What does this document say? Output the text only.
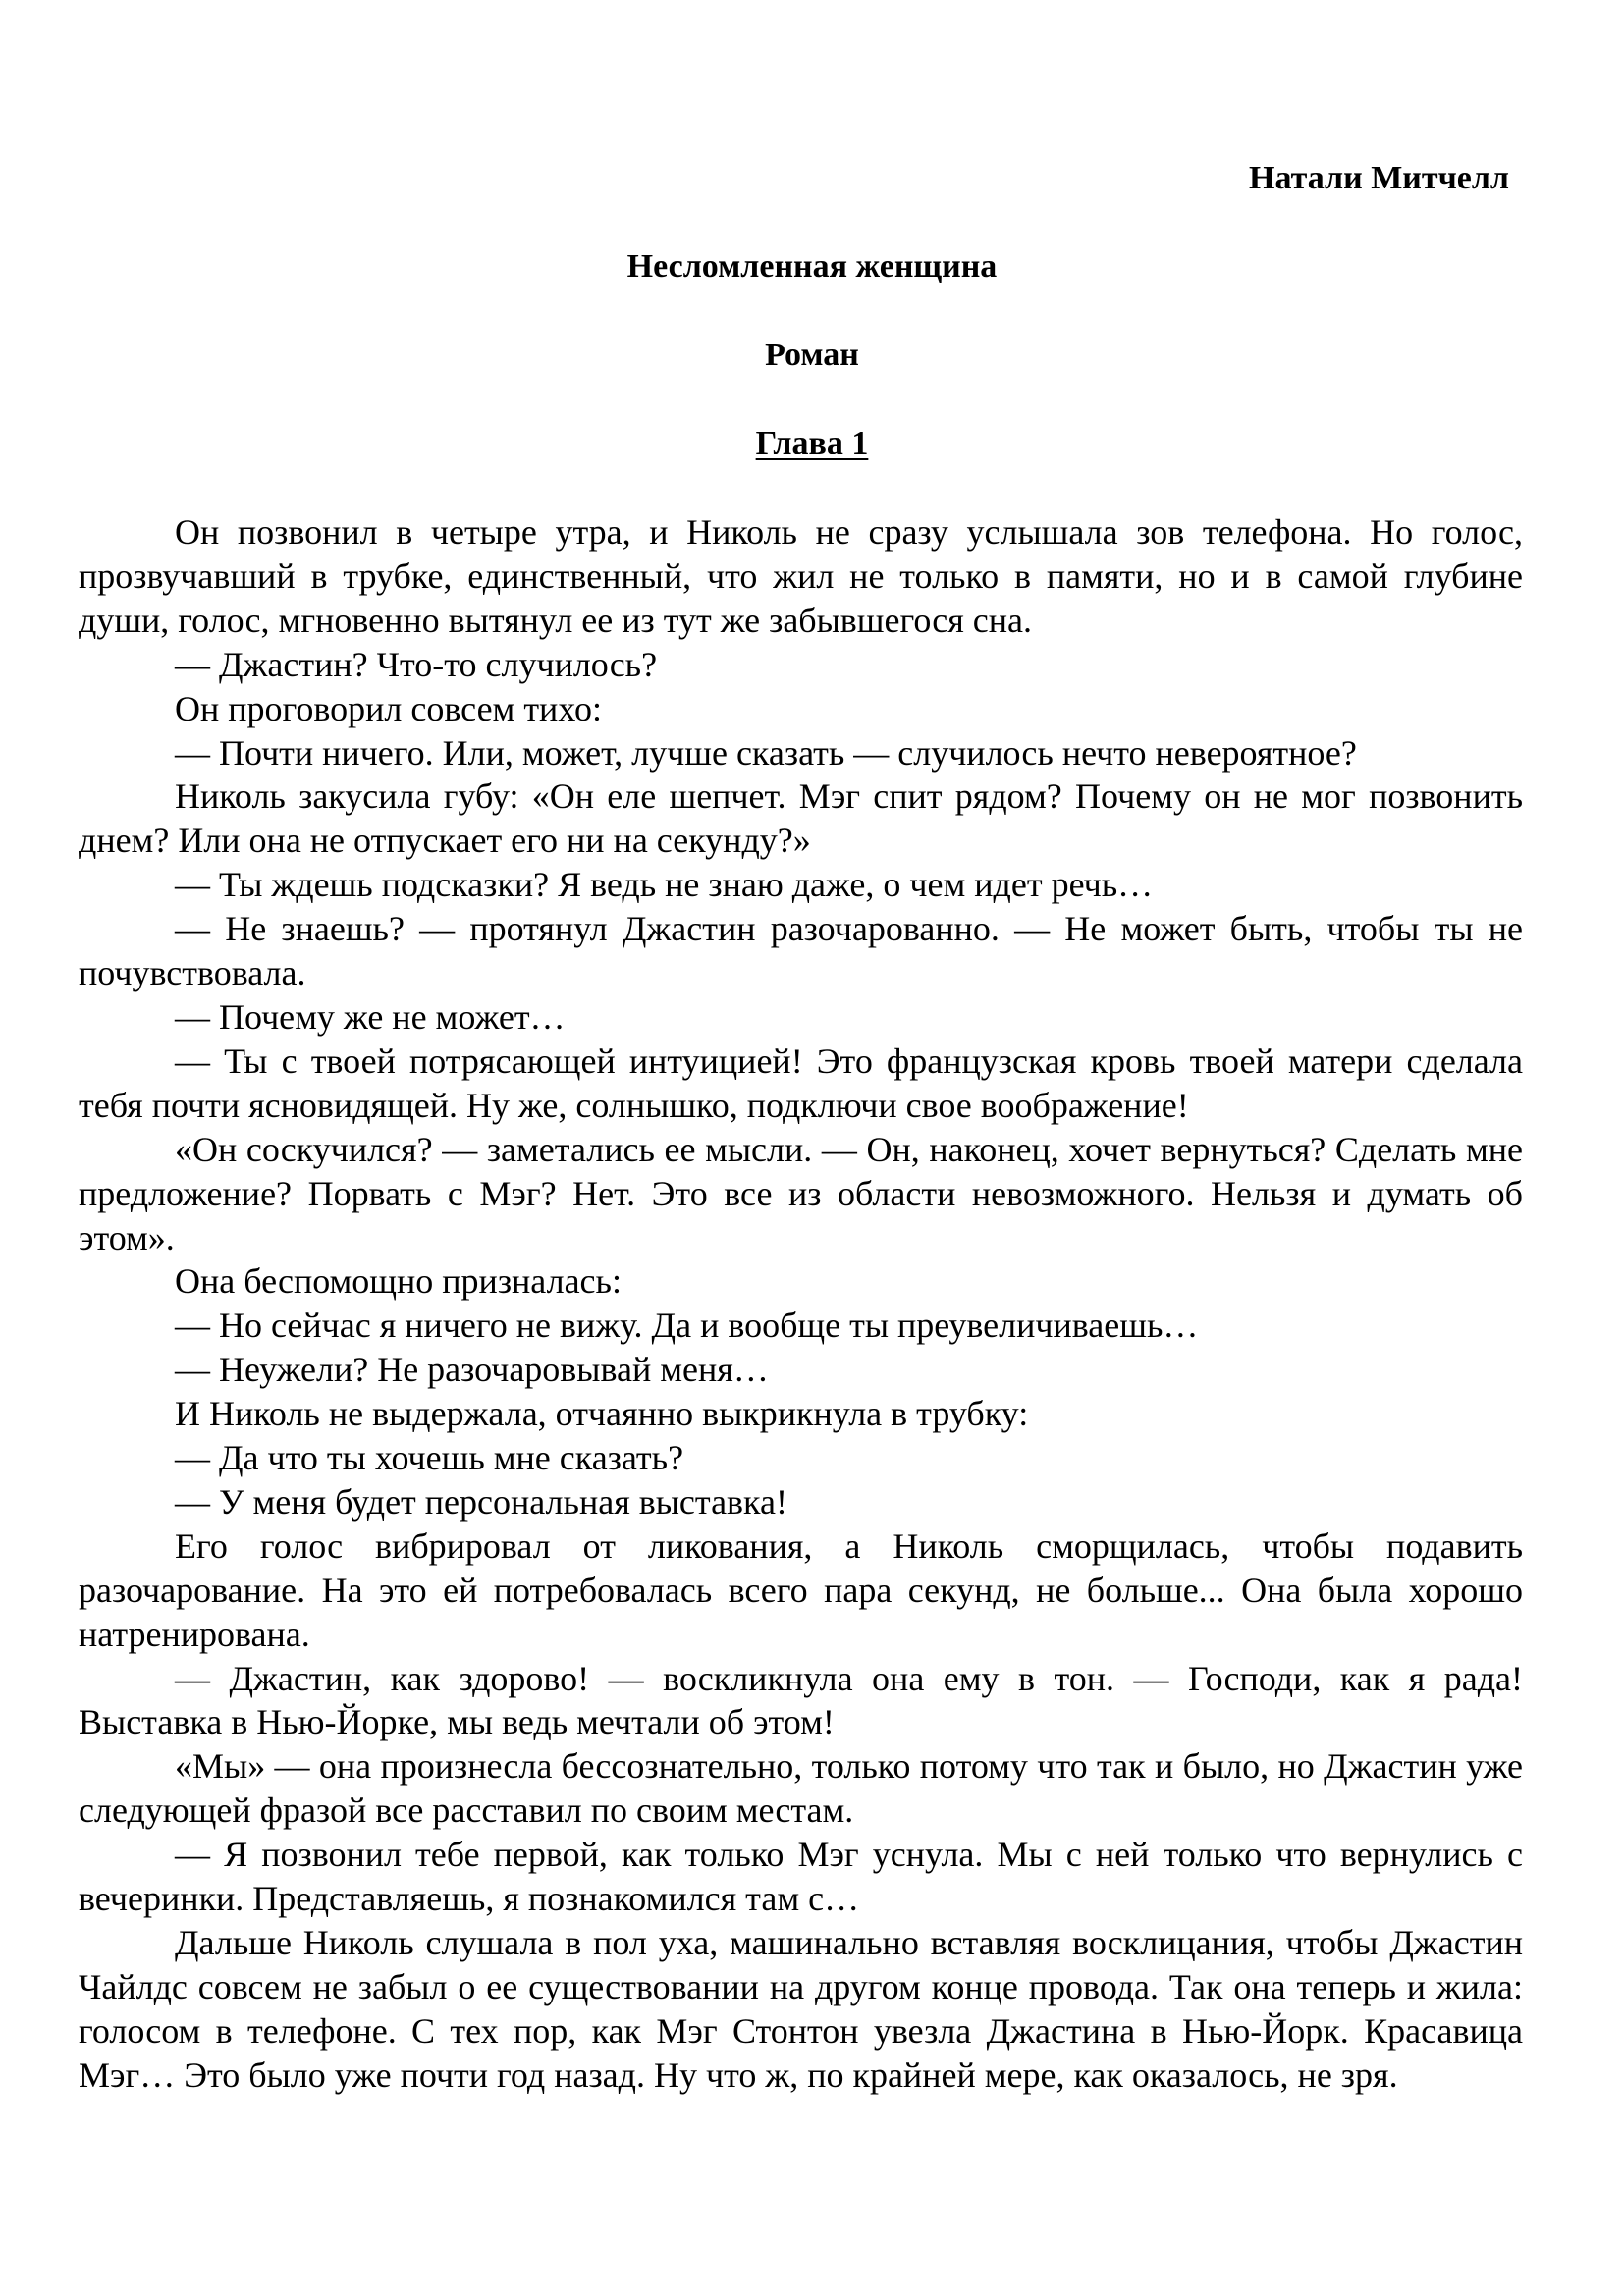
Натали Митчелл

Несломленная женщина

Роман

Глава 1

Он позвонил в четыре утра, и Николь не сразу услышала зов телефона. Но голос, прозвучавший в трубке, единственный, что жил не только в памяти, но и в самой глубине души, голос, мгновенно вытянул ее из тут же забывшегося сна.

— Джастин? Что-то случилось?

Он проговорил совсем тихо:

— Почти ничего. Или, может, лучше сказать — случилось нечто невероятное?

Николь закусила губу: «Он еле шепчет. Мэг спит рядом? Почему он не мог позвонить днем? Или она не отпускает его ни на секунду?»

— Ты ждешь подсказки? Я ведь не знаю даже, о чем идет речь…

— Не знаешь? — протянул Джастин разочарованно. — Не может быть, чтобы ты не почувствовала.

— Почему же не может…

— Ты с твоей потрясающей интуицией! Это французская кровь твоей матери сделала тебя почти ясновидящей. Ну же, солнышко, подключи свое воображение!

«Он соскучился? — заметались ее мысли. — Он, наконец, хочет вернуться? Сделать мне предложение? Порвать с Мэг? Нет. Это все из области невозможного. Нельзя и думать об этом».

Она беспомощно призналась:

— Но сейчас я ничего не вижу. Да и вообще ты преувеличиваешь…

— Неужели? Не разочаровывай меня…

И Николь не выдержала, отчаянно выкрикнула в трубку:

— Да что ты хочешь мне сказать?

— У меня будет персональная выставка!

Его голос вибрировал от ликования, а Николь сморщилась, чтобы подавить разочарование. На это ей потребовалась всего пара секунд, не больше... Она была хорошо натренирована.

— Джастин, как здорово! — воскликнула она ему в тон. — Господи, как я рада! Выставка в Нью-Йорке, мы ведь мечтали об этом!

«Мы» — она произнесла бессознательно, только потому что так и было, но Джастин уже следующей фразой все расставил по своим местам.

— Я позвонил тебе первой, как только Мэг уснула. Мы с ней только что вернулись с вечеринки. Представляешь, я познакомился там с…

Дальше Николь слушала в пол уха, машинально вставляя восклицания, чтобы Джастин Чайлдс совсем не забыл о ее существовании на другом конце провода. Так она теперь и жила: голосом в телефоне. С тех пор, как Мэг Стонтон увезла Джастина в Нью-Йорк. Красавица Мэг… Это было уже почти год назад. Ну что ж, по крайней мере, как оказалось, не зря.
